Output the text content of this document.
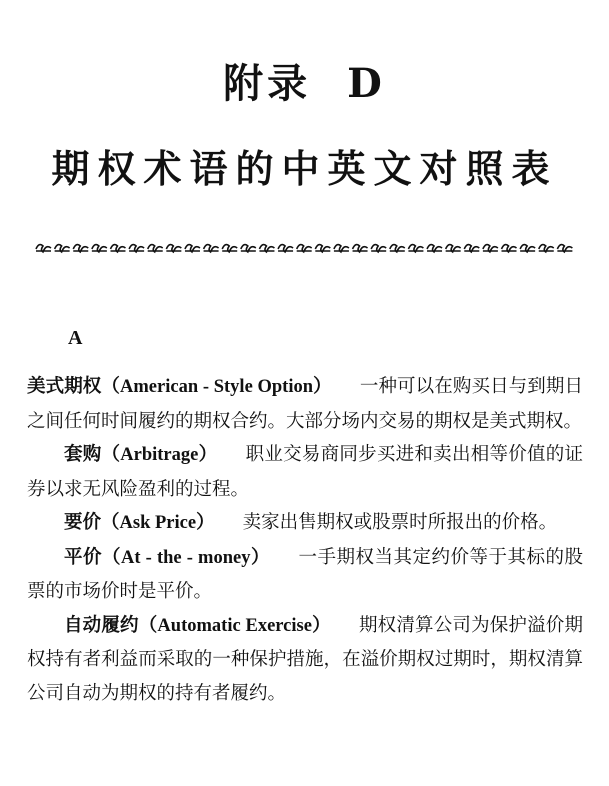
附录 D
期权术语的中英文对照表
A

美式期权（American - Style Option） 一种可以在购买日与到期日之间任何时间履约的期权合约。大部分场内交易的期权是美式期权。

套购（Arbitrage） 职业交易商同步买进和卖出相等价值的证券以求无风险盈利的过程。

要价（Ask Price） 卖家出售期权或股票时所报出的价格。

平价（At - the - money） 一手期权当其定约价等于其标的股票的市场价时是平价。

自动履约（Automatic Exercise） 期权清算公司为保护溢价期权持有者利益而采取的一种保护措施，在溢价期权过期时，期权清算公司自动为期权的持有者履约。
